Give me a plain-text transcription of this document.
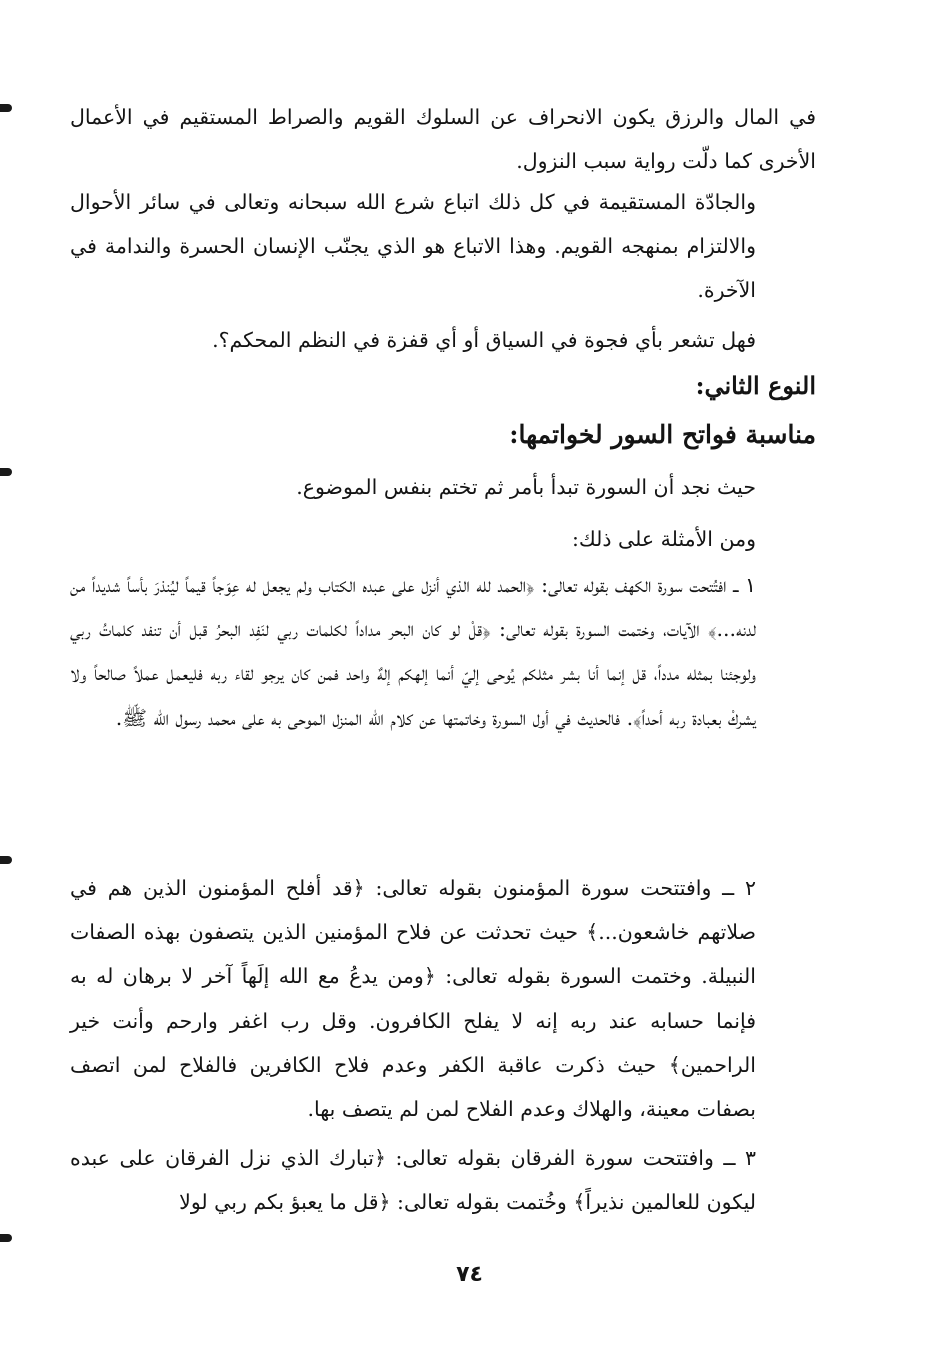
في المال والرزق يكون الانحراف عن السلوك القويم والصراط المستقيم في الأعمال الأخرى كما دلّت رواية سبب النزول.

والجادّة المستقيمة في كل ذلك اتباع شرع الله سبحانه وتعالى في سائر الأحوال والالتزام بمنهجه القويم. وهذا الاتباع هو الذي يجنّب الإنسان الحسرة والندامة في الآخرة.

فهل تشعر بأي فجوة في السياق أو أي قفزة في النظم المحكم؟.

النوع الثاني:

مناسبة فواتح السور لخواتمها:

حيث نجد أن السورة تبدأ بأمر ثم تختم بنفس الموضوع.

ومن الأمثلة على ذلك:

١ ــ افتُتحت سورة الكهف بقوله تعالى: ﴿الحمد لله الذي أنزل على عبده الكتاب ولم يجعل له عِوَجاً قيماً ليُنذرَ بأساً شديداً من لدنه...﴾ الآيات، وختمت السورة بقوله تعالى: ﴿قلْ لو كان البحر مداداً لكلمات ربي لنَفِد البحرُ قبل أن تنفد كلماتُ ربي ولوجئنا بمثله مدداً، قل إنما أنا بشر مثلكم يُوحى إليّ أنما إلهكم إلهٌ واحد فمن كان يرجو لقاء ربه فليعمل عملاً صالحاً ولا يشركْ بعبادة ربه أحداً﴾. فالحديث في أول السورة وخاتمتها عن كلام الله المنزل الموحى به على محمد رسول الله ﷺ.

٢ ــ وافتتحت سورة المؤمنون بقوله تعالى: ﴿قد أفلح المؤمنون الذين هم في صلاتهم خاشعون...﴾ حيث تحدثت عن فلاح المؤمنين الذين يتصفون بهذه الصفات النبيلة. وختمت السورة بقوله تعالى: ﴿ومن يدعُ مع الله إلَهاً آخر لا برهان له به فإنما حسابه عند ربه إنه لا يفلح الكافرون. وقل رب اغفر وارحم وأنت خير الراحمين﴾ حيث ذكرت عاقبة الكفر وعدم فلاح الكافرين فالفلاح لمن اتصف بصفات معينة، والهلاك وعدم الفلاح لمن لم يتصف بها.

٣ ــ وافتتحت سورة الفرقان بقوله تعالى: ﴿تبارك الذي نزل الفرقان على عبده ليكون للعالمين نذيراً﴾ وخُتمت بقوله تعالى: ﴿قل ما يعبؤ بكم ربي لولا

٧٤
